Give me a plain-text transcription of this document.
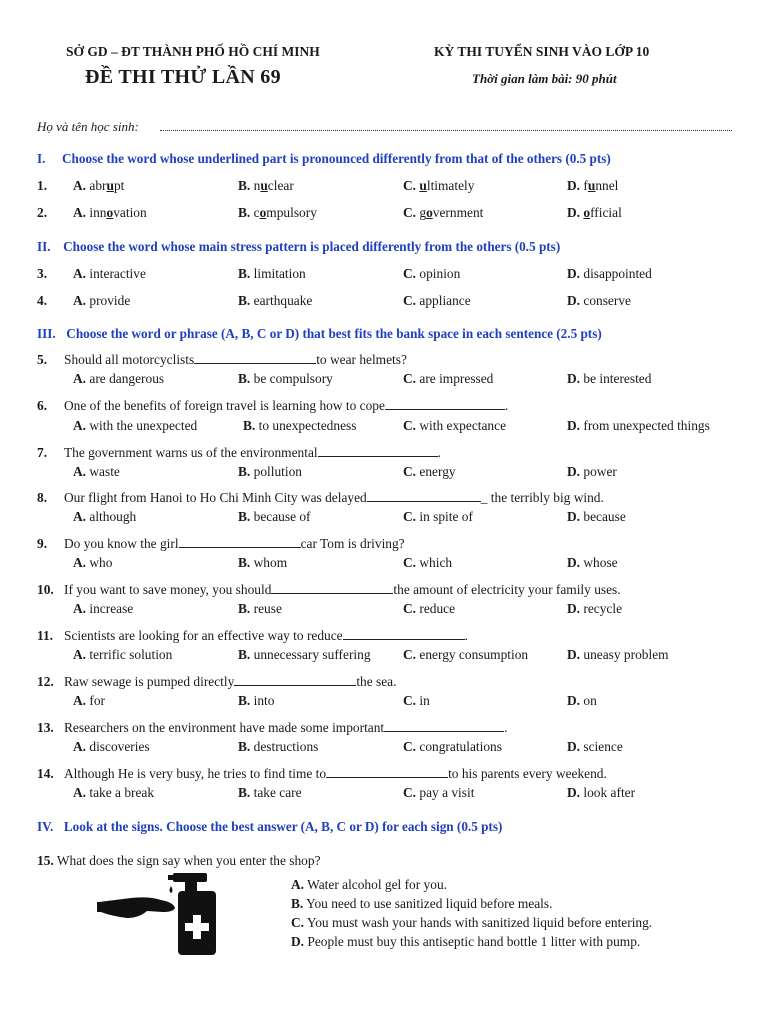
SỞ GD – ĐT THÀNH PHỐ HỒ CHÍ MINH	KỲ THI TUYỂN SINH VÀO LỚP 10
ĐỀ THI THỬ LẦN 69	Thời gian làm bài: 90 phút
Họ và tên học sinh:
I. Choose the word whose underlined part is pronounced differently from that of the others (0.5 pts)
1. A. abrupt	B. nuclear	C. ultimately	D. funnel
2. A. innovation	B. compulsory	C. government	D. official
II. Choose the word whose main stress pattern is placed differently from the others (0.5 pts)
3. A. interactive	B. limitation	C. opinion	D. disappointed
4. A. provide	B. earthquake	C. appliance	D. conserve
III. Choose the word or phrase (A, B, C or D) that best fits the bank space in each sentence (2.5 pts)
5. Should all motorcyclists	to wear helmets?
A. are dangerous	B. be compulsory	C. are impressed	D. be interested
6. One of the benefits of foreign travel is learning how to cope	.
A. with the unexpected	B. to unexpectedness	C. with expectance	D. from unexpected things
7. The government warns us of the environmental	.
A. waste	B. pollution	C. energy	D. power
8. Our flight from Hanoi to Ho Chi Minh City was delayed	_ the terribly big wind.
A. although	B. because of	C. in spite of	D. because
9. Do you know the girl	car Tom is driving?
A. who	B. whom	C. which	D. whose
10. If you want to save money, you should	the amount of electricity your family uses.
A. increase	B. reuse	C. reduce	D. recycle
11. Scientists are looking for an effective way to reduce	.
A. terrific solution	B. unnecessary suffering C. energy consumption	D. uneasy problem
12. Raw sewage is pumped directly	the sea.
A. for	B. into	C. in	D. on
13. Researchers on the environment have made some important	.
A. discoveries	B. destructions	C. congratulations	D. science
14. Although He is very busy, he tries to find time to	to his parents every weekend.
A. take a break	B. take care	C. pay a visit	D. look after
IV. Look at the signs. Choose the best answer (A, B, C or D) for each sign (0.5 pts)
15. What does the sign say when you enter the shop?
A. Water alcohol gel for you.
B. You need to use sanitized liquid before meals.
C. You must wash your hands with sanitized liquid before entering.
D. People must buy this antiseptic hand bottle 1 litter with pump.
